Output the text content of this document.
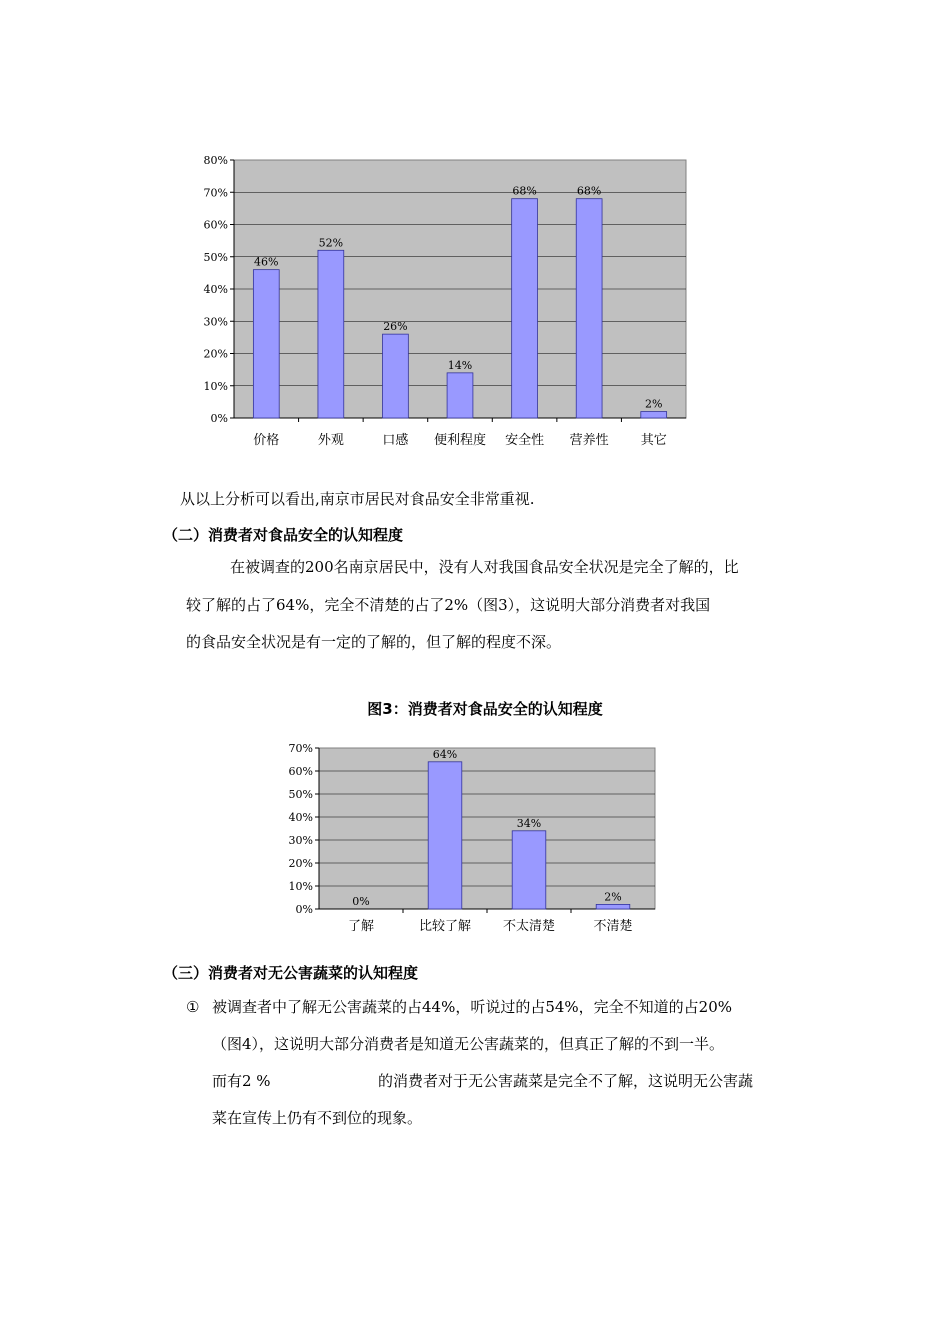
0%
10%
20%
30%
40%
50%
60%
70%
80%
46%
价格
52%
外观
26%
口感
14%
便利程度
68%
安全性
68%
营养性
2%
其它
从以上分析可以看出,南京市居民对食品安全非常重视.
（二）消费者对食品安全的认知程度
在被调查的200名南京居民中，没有人对我国食品安全状况是完全了解的，比
较了解的占了64%，完全不清楚的占了2%（图3），这说明大部分消费者对我国
的食品安全状况是有一定的了解的，但了解的程度不深。
图3：消费者对食品安全的认知程度
0%
10%
20%
30%
40%
50%
60%
70%
0%
了解
64%
比较了解
34%
不太清楚
2%
不清楚
（三）消费者对无公害蔬菜的认知程度
① 被调查者中了解无公害蔬菜的占44%，听说过的占54%，完全不知道的占20%
（图4），这说明大部分消费者是知道无公害蔬菜的，但真正了解的不到一半。
而有2 %	的消费者对于无公害蔬菜是完全不了解，这说明无公害蔬
菜在宣传上仍有不到位的现象。
